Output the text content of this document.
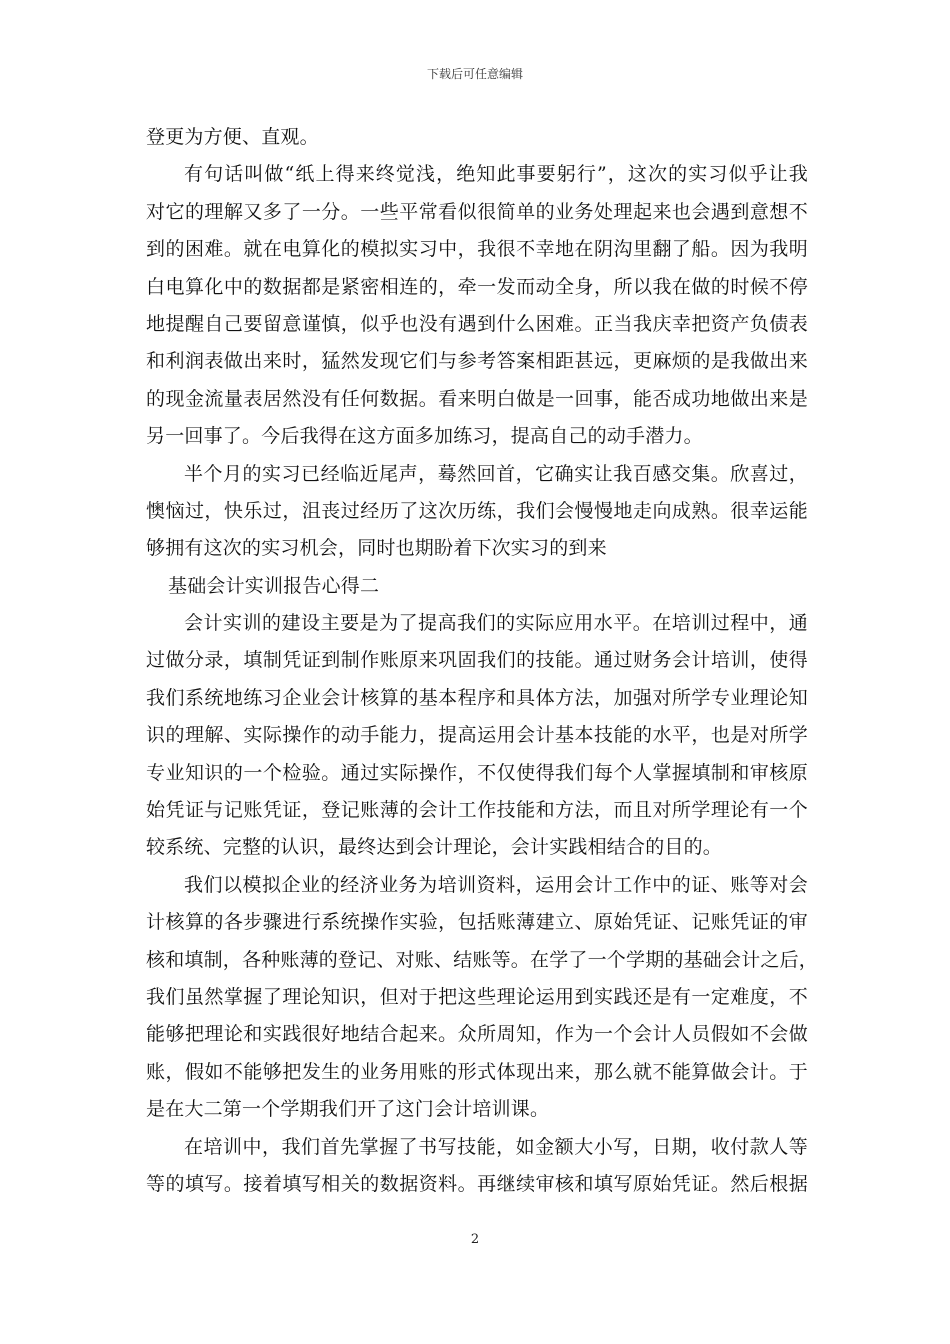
下载后可任意编辑
登更为方便、直观。
有句话叫做“纸上得来终觉浅，绝知此事要躬行”，这次的实习似乎让我
对它的理解又多了一分。一些平常看似很简单的业务处理起来也会遇到意想不
到的困难。就在电算化的模拟实习中，我很不幸地在阴沟里翻了船。因为我明
白电算化中的数据都是紧密相连的，牵一发而动全身，所以我在做的时候不停
地提醒自己要留意谨慎，似乎也没有遇到什么困难。正当我庆幸把资产负债表
和利润表做出来时，猛然发现它们与参考答案相距甚远，更麻烦的是我做出来
的现金流量表居然没有任何数据。看来明白做是一回事，能否成功地做出来是
另一回事了。今后我得在这方面多加练习，提高自己的动手潜力。
半个月的实习已经临近尾声，蓦然回首，它确实让我百感交集。欣喜过，
懊恼过，快乐过，沮丧过经历了这次历练，我们会慢慢地走向成熟。很幸运能
够拥有这次的实习机会，同时也期盼着下次实习的到来
基础会计实训报告心得二
会计实训的建设主要是为了提高我们的实际应用水平。在培训过程中，通
过做分录，填制凭证到制作账原来巩固我们的技能。通过财务会计培训，使得
我们系统地练习企业会计核算的基本程序和具体方法，加强对所学专业理论知
识的理解、实际操作的动手能力，提高运用会计基本技能的水平，也是对所学
专业知识的一个检验。通过实际操作，不仅使得我们每个人掌握填制和审核原
始凭证与记账凭证，登记账薄的会计工作技能和方法，而且对所学理论有一个
较系统、完整的认识，最终达到会计理论，会计实践相结合的目的。
我们以模拟企业的经济业务为培训资料，运用会计工作中的证、账等对会
计核算的各步骤进行系统操作实验，包括账薄建立、原始凭证、记账凭证的审
核和填制，各种账薄的登记、对账、结账等。在学了一个学期的基础会计之后，
我们虽然掌握了理论知识，但对于把这些理论运用到实践还是有一定难度，不
能够把理论和实践很好地结合起来。众所周知，作为一个会计人员假如不会做
账，假如不能够把发生的业务用账的形式体现出来，那么就不能算做会计。于
是在大二第一个学期我们开了这门会计培训课。
在培训中，我们首先掌握了书写技能，如金额大小写，日期，收付款人等
等的填写。接着填写相关的数据资料。再继续审核和填写原始凭证。然后根据
2
